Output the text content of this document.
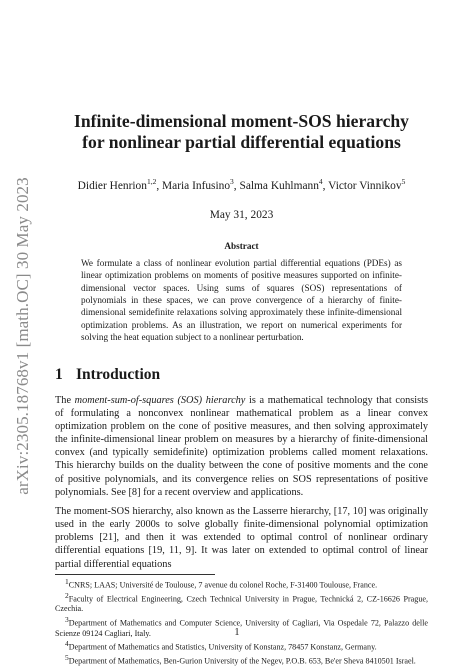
arXiv:2305.18768v1 [math.OC] 30 May 2023
Infinite-dimensional moment-SOS hierarchy
for nonlinear partial differential equations
Didier Henrion$^{1,2}$, Maria Infusino$^3$, Salma Kuhlmann$^4$, Victor Vinnikov$^5$
May 31, 2023
Abstract

We formulate a class of nonlinear evolution partial differential equations (PDEs) as linear optimization problems on moments of positive measures supported on infinite-dimensional vector spaces. Using sums of squares (SOS) representations of polynomials in these spaces, we can prove convergence of a hierarchy of finite-dimensional semidefinite relaxations solving approximately these infinite-dimensional optimization problems. As an illustration, we report on numerical experiments for solving the heat equation subject to a nonlinear perturbation.

1 Introduction

The moment-sum-of-squares (SOS) hierarchy is a mathematical technology that consists of formulating a nonconvex nonlinear mathematical problem as a linear convex optimization problem on the cone of positive measures, and then solving approximately the infinite-dimensional linear problem on measures by a hierarchy of finite-dimensional convex (and typically semidefinite) optimization problems called moment relaxations. This hierarchy builds on the duality between the cone of positive moments and the cone of positive polynomials, and its convergence relies on SOS representations of positive polynomials. See [8] for a recent overview and applications.

The moment-SOS hierarchy, also known as the Lasserre hierarchy, [17, 10] was originally used in the early 2000s to solve globally finite-dimensional polynomial optimization problems [21], and then it was extended to optimal control of nonlinear ordinary differential equations [19, 11, 9]. It was later on extended to optimal control of linear partial differential equations

$^1$CNRS; LAAS; Université de Toulouse, 7 avenue du colonel Roche, F-31400 Toulouse, France.
$^2$Faculty of Electrical Engineering, Czech Technical University in Prague, Technická 2, CZ-16626 Prague, Czechia.
$^3$Department of Mathematics and Computer Science, University of Cagliari, Via Ospedale 72, Palazzo delle Scienze 09124 Cagliari, Italy.
$^4$Department of Mathematics and Statistics, University of Konstanz, 78457 Konstanz, Germany.
$^5$Department of Mathematics, Ben-Gurion University of the Negev, P.O.B. 653, Be'er Sheva 8410501 Israel.
1
